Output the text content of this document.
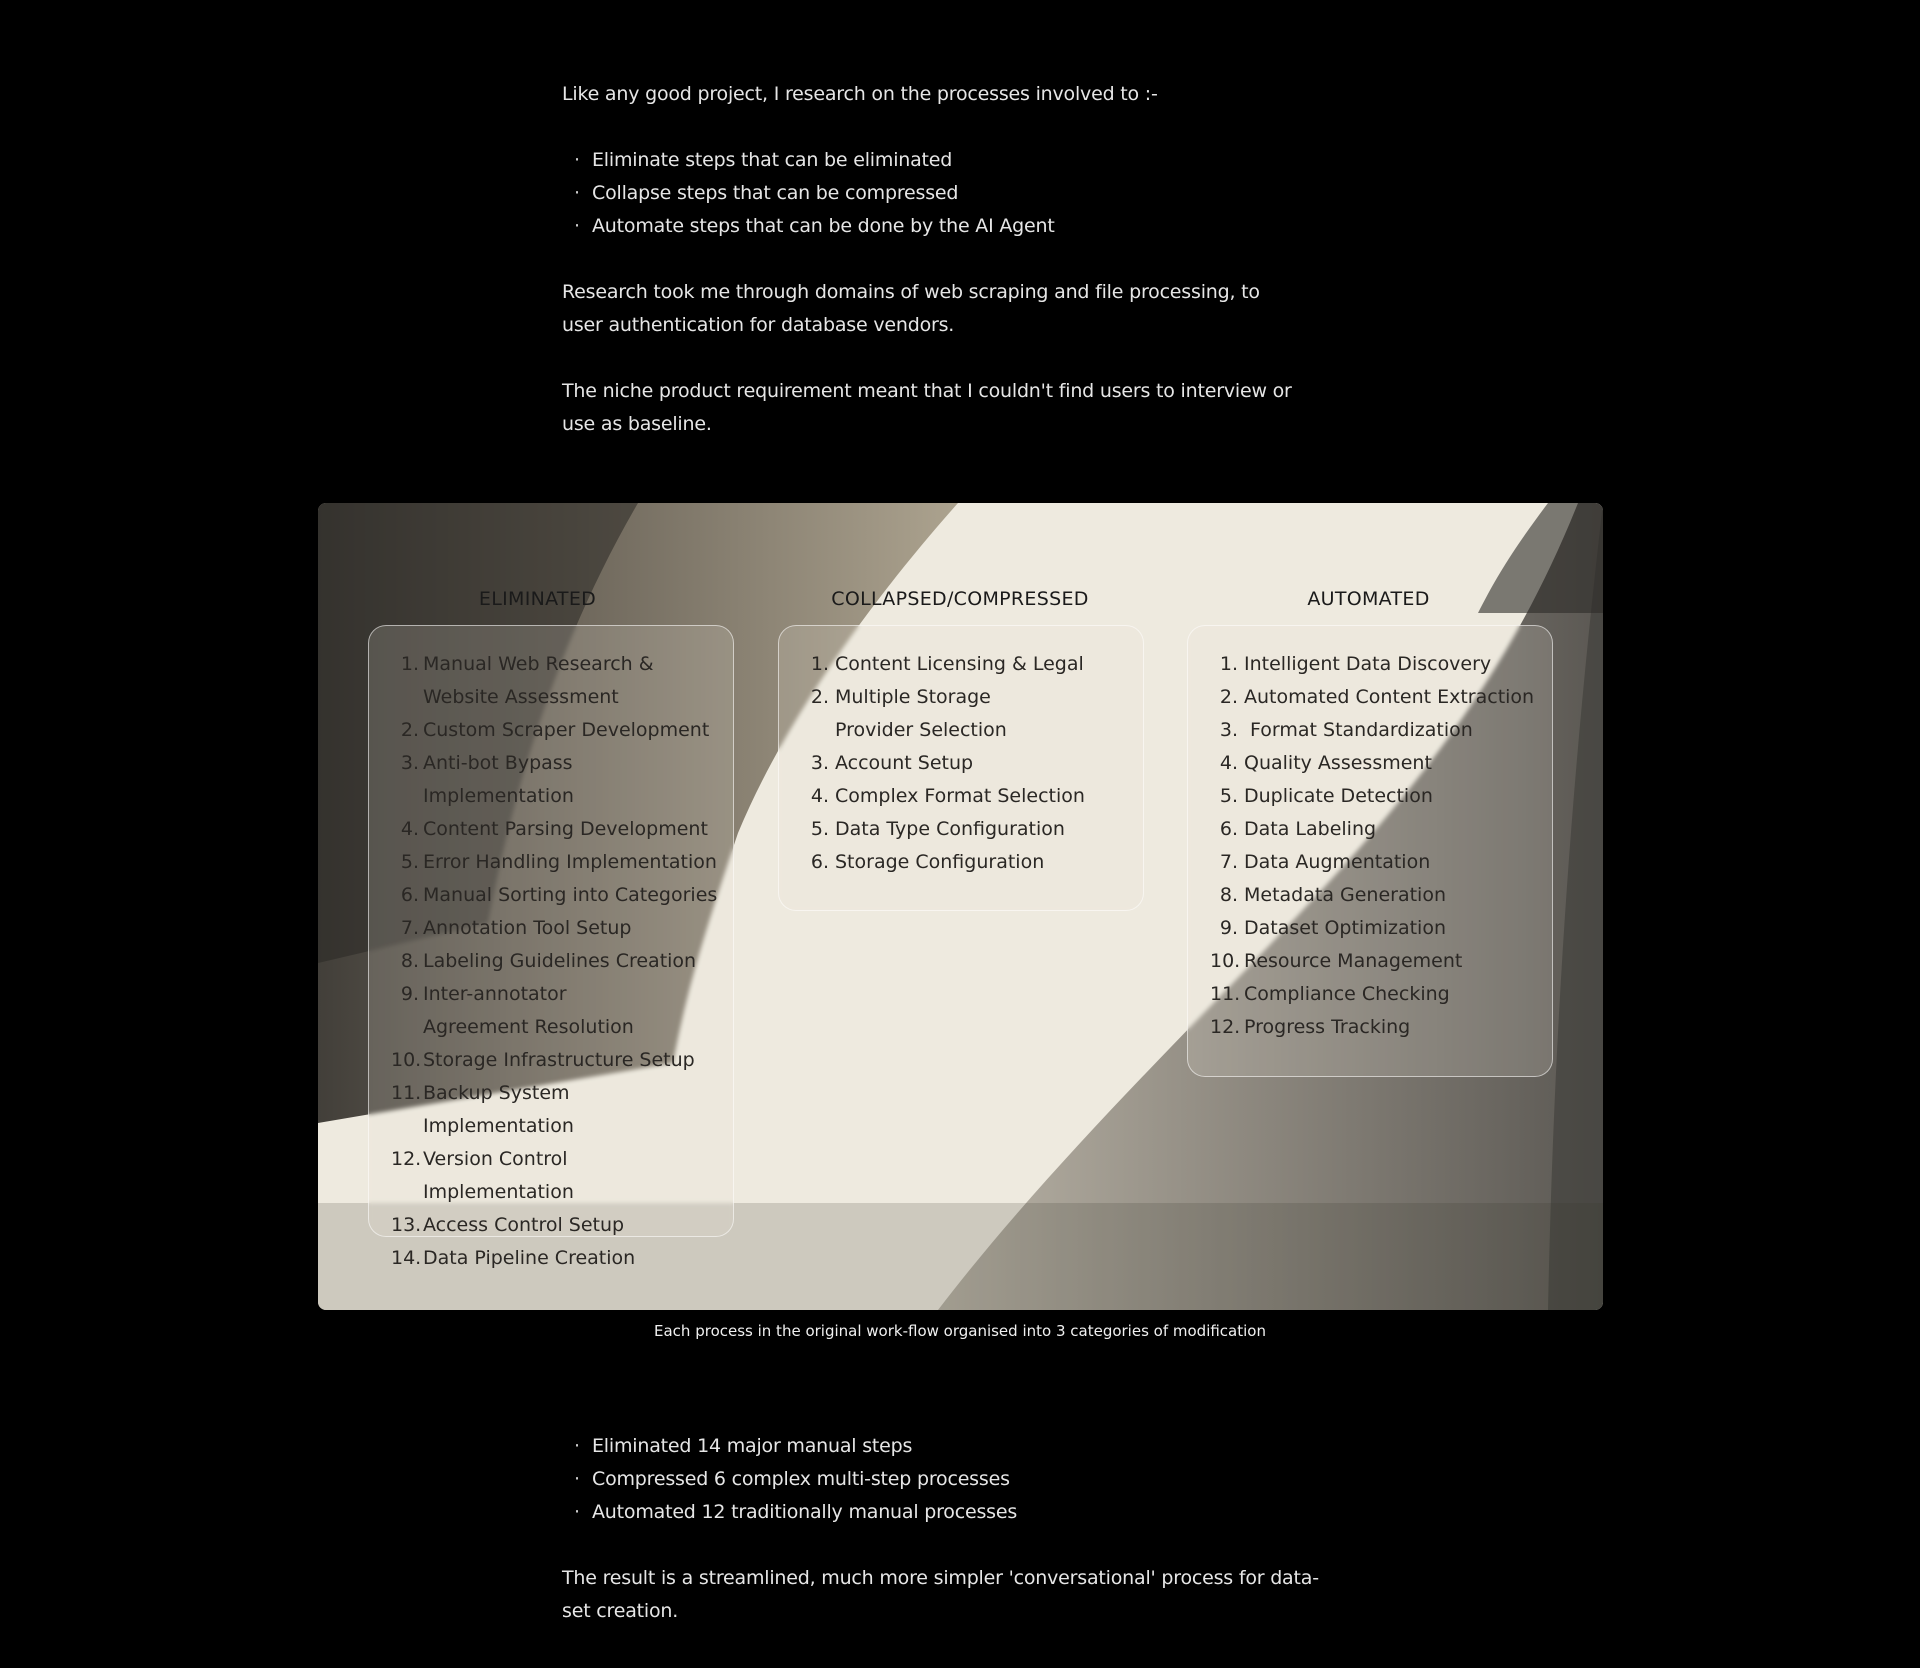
Like any good project, I research on the processes involved to :-

· Eliminate steps that can be eliminated
· Collapse steps that can be compressed
· Automate steps that can be done by the AI Agent

Research took me through domains of web scraping and file processing, to user authentication for database vendors.

The niche product requirement meant that I couldn't find users to interview or use as baseline.

ELIMINATED	COLLAPSED/COMPRESSED	AUTOMATED
1. Manual Web Research & Website Assessment
2. Custom Scraper Development
3. Anti-bot Bypass Implementation
4. Content Parsing Development
5. Error Handling Implementation
6. Manual Sorting into Categories
7. Annotation Tool Setup
8. Labeling Guidelines Creation
9. Inter-annotator Agreement Resolution
10. Storage Infrastructure Setup
11. Backup System Implementation
12. Version Control Implementation
13. Access Control Setup
14. Data Pipeline Creation
1. Content Licensing & Legal
2. Multiple Storage Provider Selection
3. Account Setup
4. Complex Format Selection
5. Data Type Configuration
6. Storage Configuration
1. Intelligent Data Discovery
2. Automated Content Extraction
3. Format Standardization
4. Quality Assessment
5. Duplicate Detection
6. Data Labeling
7. Data Augmentation
8. Metadata Generation
9. Dataset Optimization
10. Resource Management
11. Compliance Checking
12. Progress Tracking
Each process in the original work-flow organised into 3 categories of modification
· Eliminated 14 major manual steps
· Compressed 6 complex multi-step processes
· Automated 12 traditionally manual processes

The result is a streamlined, much more simpler 'conversational' process for data-set creation.
